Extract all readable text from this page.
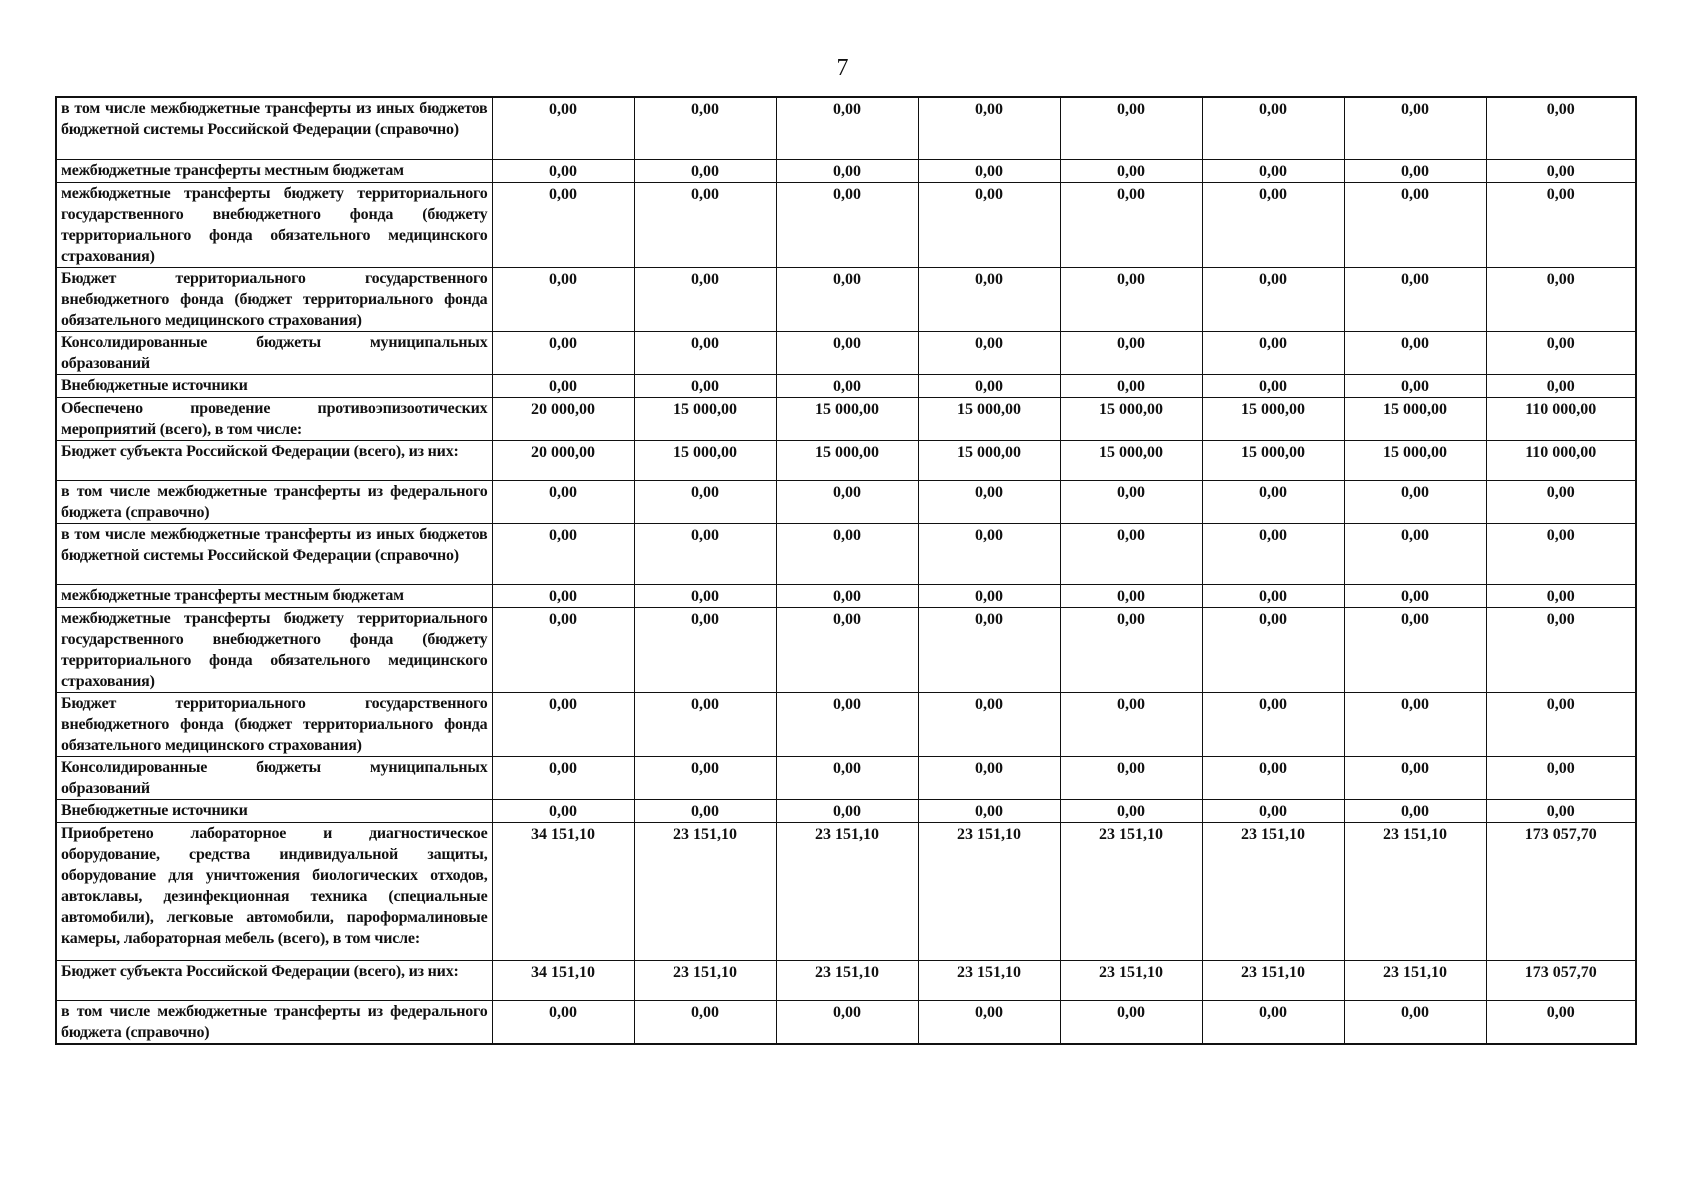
7
в том числе межбюджетные трансферты из иных бюджетов бюджетной системы Российской Федерации (справочно)	0,00	0,00	0,00	0,00	0,00	0,00	0,00	0,00
межбюджетные трансферты местным бюджетам	0,00	0,00	0,00	0,00	0,00	0,00	0,00	0,00
межбюджетные трансферты бюджету территориального государственного внебюджетного фонда (бюджету территориального фонда обязательного медицинского страхования)	0,00	0,00	0,00	0,00	0,00	0,00	0,00	0,00
Бюджет территориального государственного внебюджетного фонда (бюджет территориального фонда обязательного медицинского страхования)	0,00	0,00	0,00	0,00	0,00	0,00	0,00	0,00
Консолидированные бюджеты муниципальных образований	0,00	0,00	0,00	0,00	0,00	0,00	0,00	0,00
Внебюджетные источники	0,00	0,00	0,00	0,00	0,00	0,00	0,00	0,00
Обеспечено проведение противоэпизоотических мероприятий (всего), в том числе:	20 000,00	15 000,00	15 000,00	15 000,00	15 000,00	15 000,00	15 000,00	110 000,00
Бюджет субъекта Российской Федерации (всего), из них:	20 000,00	15 000,00	15 000,00	15 000,00	15 000,00	15 000,00	15 000,00	110 000,00
в том числе межбюджетные трансферты из федерального бюджета (справочно)	0,00	0,00	0,00	0,00	0,00	0,00	0,00	0,00
в том числе межбюджетные трансферты из иных бюджетов бюджетной системы Российской Федерации (справочно)	0,00	0,00	0,00	0,00	0,00	0,00	0,00	0,00
межбюджетные трансферты местным бюджетам	0,00	0,00	0,00	0,00	0,00	0,00	0,00	0,00
межбюджетные трансферты бюджету территориального государственного внебюджетного фонда (бюджету территориального фонда обязательного медицинского страхования)	0,00	0,00	0,00	0,00	0,00	0,00	0,00	0,00
Бюджет территориального государственного внебюджетного фонда (бюджет территориального фонда обязательного медицинского страхования)	0,00	0,00	0,00	0,00	0,00	0,00	0,00	0,00
Консолидированные бюджеты муниципальных образований	0,00	0,00	0,00	0,00	0,00	0,00	0,00	0,00
Внебюджетные источники	0,00	0,00	0,00	0,00	0,00	0,00	0,00	0,00
Приобретено лабораторное и диагностическое оборудование, средства индивидуальной защиты, оборудование для уничтожения биологических отходов, автоклавы, дезинфекционная техника (специальные автомобили), легковые автомобили, пароформалиновые камеры, лабораторная мебель (всего), в том числе:	34 151,10	23 151,10	23 151,10	23 151,10	23 151,10	23 151,10	23 151,10	173 057,70
Бюджет субъекта Российской Федерации (всего), из них:	34 151,10	23 151,10	23 151,10	23 151,10	23 151,10	23 151,10	23 151,10	173 057,70
в том числе межбюджетные трансферты из федерального бюджета (справочно)	0,00	0,00	0,00	0,00	0,00	0,00	0,00	0,00
